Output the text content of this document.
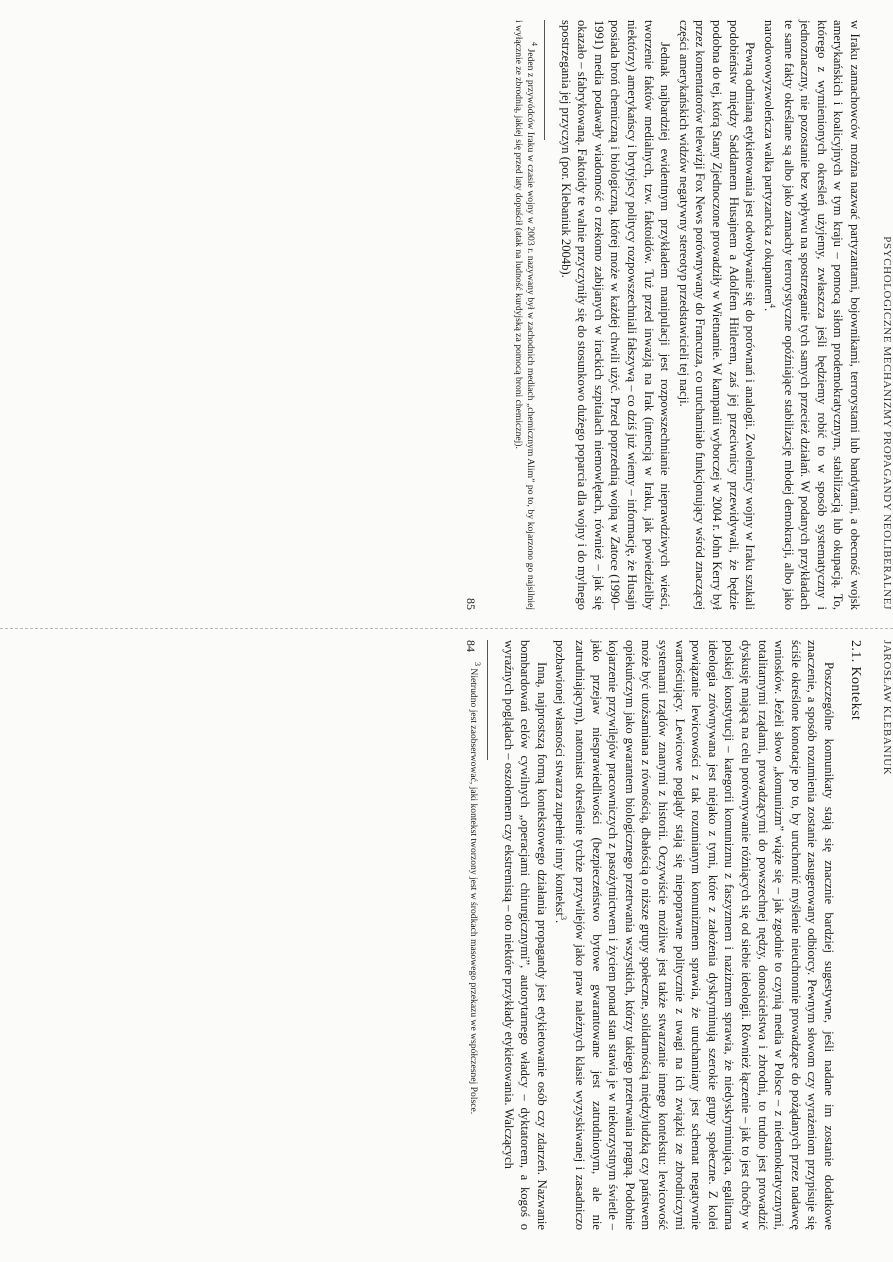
JAROSŁAW KLEBANIUK
2.1. Kontekst

Poszczególne komunikaty stają się znacznie bardziej sugestywne, jeśli nadane im zostanie dodatkowe znaczenie, a sposób rozumienia zostanie zasugerowany odbiorcy. Pewnym słowom czy wyrażeniom przypisuje się ściśle określone konotacje po to, by uruchomić myślenie nieuchronnie prowadzące do pożądanych przez nadawcę wniosków. Jeżeli słowo „komunizm” wiąże się – jak zgodnie to czynią media w Polsce – z niedemokratycznymi, totalitarnymi rządami, prowadzącymi do powszechnej nędzy, donosicielstwa i zbrodni, to trudno jest prowadzić dyskusję mającą na celu porównywanie różniących się od siebie ideologii. Również łączenie – jak to jest choćby w polskiej konstytucji – kategorii komunizmu z faszyzmem i nazizmem sprawia, że niedyskryminująca, egalitarna ideologia zrównywana jest niejako z tymi, które z założenia dyskryminują szerokie grupy społeczne. Z kolei powiązanie lewicowości z tak rozumianym komunizmem sprawia, że uruchamiany jest schemat negatywnie wartościujący. Lewicowe poglądy stają się niepoprawne politycznie z uwagi na ich związki ze zbrodniczymi systemami rządów znanymi z historii. Oczywiście możliwe jest także stwarzanie innego kontekstu: lewicowość może być utożsamiana z równością, dbałością o niższe grupy społeczne, solidarnością międzyludzką czy państwem opiekuńczym jako gwarantem biologicznego przetrwania wszystkich, którzy takiego przetrwania pragną. Podobnie kojarzenie przywilejów pracowniczych z pasożytnictwem i życiem ponad stan stawia je w niekorzystnym świetle – jako przejaw niesprawiedliwości (bezpieczeństwo bytowe gwarantowane jest zatrudnionym, ale nie zatrudniającym), natomiast określenie tychże przywilejów jako praw należnych klasie wyzyskiwanej i zasadniczo pozbawionej własności stwarza zupełnie inny kontekst$^3$.

Inną, najprostszą formą kontekstowego działania propagandy jest etykietowanie osób czy zdarzeń. Nazwanie bombardowań celów cywilnych „operacjami chirurgicznymi”, autorytarnego władcy – dyktatorem, a kogoś o wyraźnych poglądach – oszołomem czy ekstremistą – oto niektóre przykłady etykietowania. Walczących

$^3$ Nietrudno jest zaobserwować, jaki kontekst tworzony jest w środkach masowego przekazu we współczesnej Polsce.

84
PSYCHOLOGICZNE MECHANIZMY PROPAGANDY NEOLIBERALNEJ

w Iraku zamachowców można nazwać partyzantami, bojownikami, terrorystami lub bandytami, a obecność wojsk amerykańskich i koalicyjnych w tym kraju – pomocą siłom prodemokratycznym, stabilizacją lub okupacją. To, którego z wymienionych określeń użyjemy, zwłaszcza jeśli będziemy robić to w sposób systematyczny i jednoznaczny, nie pozostanie bez wpływu na spostrzeganie tych samych przecież działań. W podanych przykładach te same fakty określane są albo jako zamachy terrorystyczne opóźniające stabilizację młodej demokracji, albo jako narodowowyzwoleńcza walka partyzancka z okupantem$^4$.

Pewną odmianą etykietowania jest odwoływanie się do porównań i analogii. Zwolennicy wojny w Iraku szukali podobieństw między Saddamem Husajnem a Adolfem Hitlerem, zaś jej przeciwnicy przewidywali, że będzie podobna do tej, którą Stany Zjednoczone prowadziły w Wietnamie. W kampanii wyborczej w 2004 r. John Kerry był przez komentatorów telewizji Fox News porównywany do Francuza, co uruchamiało funkcjonujący wśród znaczącej części amerykańskich widzów negatywny stereotyp przedstawicieli tej nacji.

Jednak najbardziej ewidentnym przykładem manipulacji jest rozpowszechnianie nieprawdziwych wieści, tworzenie faktów medialnych, tzw. faktoidów. Tuż przed inwazją na Irak (intencją w Iraku, jak powiedzieliby niektórzy) amerykańscy i brytyjscy politycy rozpowszechniali fałszywą – co dziś już wiemy – informację, że Husajn posiada broń chemiczną i biologiczną, której może w każdej chwili użyć. Przed poprzednią wojną w Zatoce (1990–1991) media podawały wiadomość o rzekomo zabijanych w irackich szpitalach niemowlętach, również – jak się okazało – sfabrykowaną. Faktoidy te walnie przyczyniły się do stosunkowo dużego poparcia dla wojny i do mylnego spostrzegania jej przyczyn (por. Klebaniuk 2004b).

$^4$ Jeden z przywódców Iraku w czasie wojny w 2003 r. nazywany był w zachodnich mediach „chemicznym Alim” po to, by kojarzono go najsilniej i wyłącznie ze zbrodnią, jakiej się przed laty dopuścił (atak na ludność kurdyjską za pomocą broni chemicznej).

85
